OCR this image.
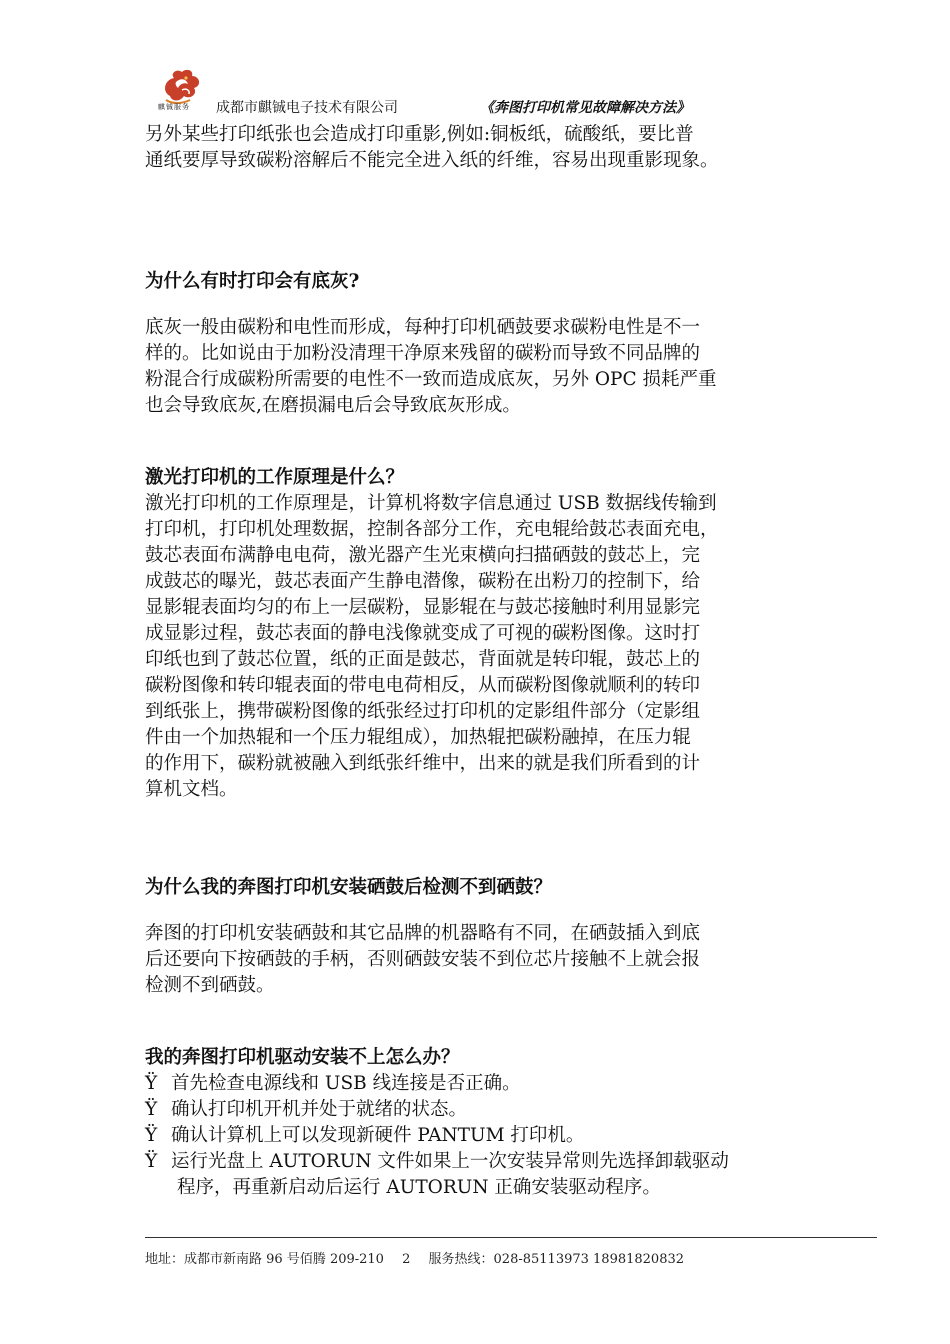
麒铖服务 成都市麒铖电子技术有限公司	《奔图打印机常见故障解决方法》

另外某些打印纸张也会造成打印重影,例如:铜板纸，硫酸纸，要比普

通纸要厚导致碳粉溶解后不能完全进入纸的纤维，容易出现重影现象。

为什么有时打印会有底灰?

底灰一般由碳粉和电性而形成，每种打印机硒鼓要求碳粉电性是不一

样的。比如说由于加粉没清理干净原来残留的碳粉而导致不同品牌的

粉混合行成碳粉所需要的电性不一致而造成底灰，另外 OPC 损耗严重

也会导致底灰,在磨损漏电后会导致底灰形成。

激光打印机的工作原理是什么？

激光打印机的工作原理是，计算机将数字信息通过 USB 数据线传输到

打印机，打印机处理数据，控制各部分工作，充电辊给鼓芯表面充电，

鼓芯表面布满静电电荷，激光器产生光束横向扫描硒鼓的鼓芯上，完

成鼓芯的曝光，鼓芯表面产生静电潜像，碳粉在出粉刀的控制下，给

显影辊表面均匀的布上一层碳粉，显影辊在与鼓芯接触时利用显影完

成显影过程，鼓芯表面的静电浅像就变成了可视的碳粉图像。这时打

印纸也到了鼓芯位置，纸的正面是鼓芯，背面就是转印辊，鼓芯上的

碳粉图像和转印辊表面的带电电荷相反，从而碳粉图像就顺利的转印

到纸张上，携带碳粉图像的纸张经过打印机的定影组件部分（定影组

件由一个加热辊和一个压力辊组成），加热辊把碳粉融掉，在压力辊

的作用下，碳粉就被融入到纸张纤维中，出来的就是我们所看到的计

算机文档。

为什么我的奔图打印机安装硒鼓后检测不到硒鼓？

奔图的打印机安装硒鼓和其它品牌的机器略有不同，在硒鼓插入到底

后还要向下按硒鼓的手柄，否则硒鼓安装不到位芯片接触不上就会报

检测不到硒鼓。

我的奔图打印机驱动安装不上怎么办？

Ÿ 首先检查电源线和 USB 线连接是否正确。
Ÿ 确认打印机开机并处于就绪的状态。
Ÿ 确认计算机上可以发现新硬件 PANTUM 打印机。
Ÿ 运行光盘上 AUTORUN 文件如果上一次安装异常则先选择卸载驱动
程序，再重新启动后运行 AUTORUN 正确安装驱动程序。
地址：成都市新南路 96 号佰腾 209-210 2 服务热线：028-85113973 18981820832
